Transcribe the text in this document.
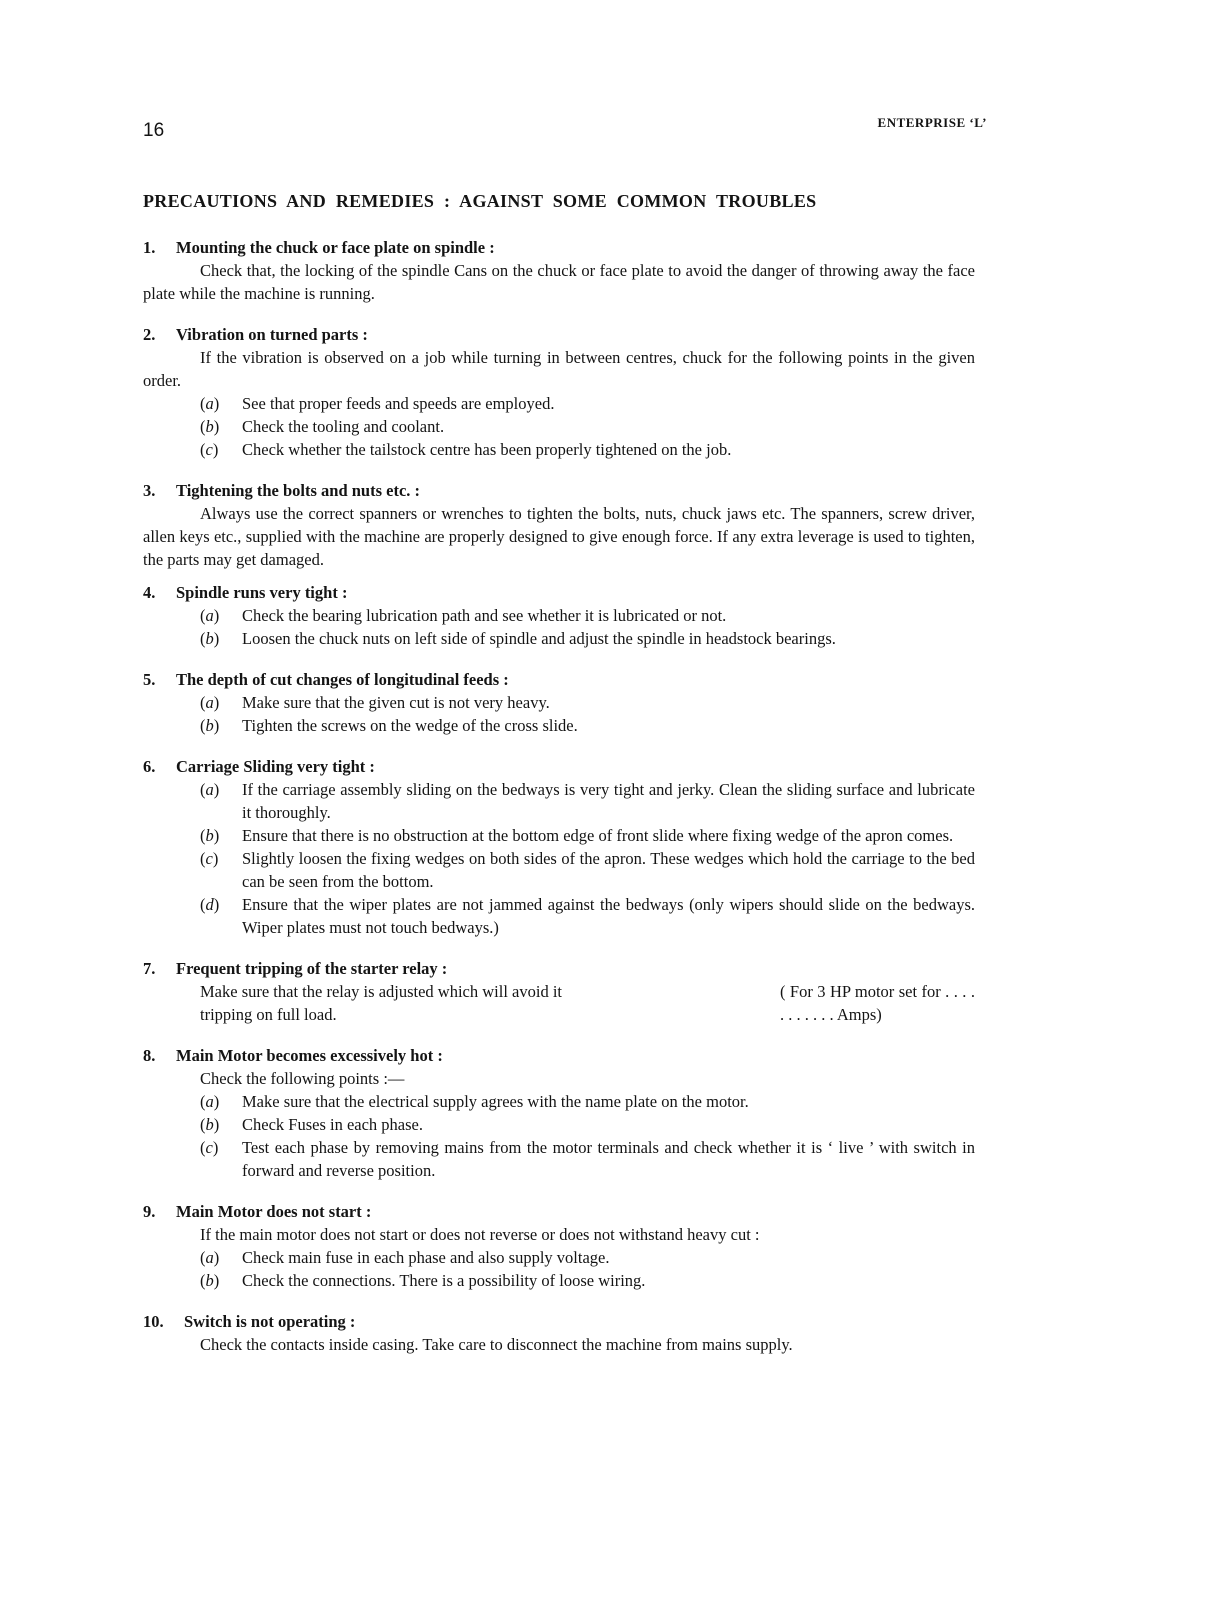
16	ENTERPRISE ‘L’
PRECAUTIONS AND REMEDIES : AGAINST SOME COMMON TROUBLES
1.	Mounting the chuck or face plate on spindle :
Check that, the locking of the spindle Cans on the chuck or face plate to avoid the danger of throwing away the face plate while the machine is running.
2.	Vibration on turned parts :
If the vibration is observed on a job while turning in between centres, chuck for the following points in the given order.
(a)	See that proper feeds and speeds are employed.
(b)	Check the tooling and coolant.
(c)	Check whether the tailstock centre has been properly tightened on the job.
3.	Tightening the bolts and nuts etc. :
Always use the correct spanners or wrenches to tighten the bolts, nuts, chuck jaws etc. The spanners, screw driver, allen keys etc., supplied with the machine are properly designed to give enough force. If any extra leverage is used to tighten, the parts may get damaged.
4.	Spindle runs very tight :
(a)	Check the bearing lubrication path and see whether it is lubricated or not.
(b)	Loosen the chuck nuts on left side of spindle and adjust the spindle in headstock bearings.
5.	The depth of cut changes of longitudinal feeds :
(a)	Make sure that the given cut is not very heavy.
(b)	Tighten the screws on the wedge of the cross slide.
6.	Carriage Sliding very tight :
(a)	If the carriage assembly sliding on the bedways is very tight and jerky. Clean the sliding surface and lubricate it thoroughly.
(b)	Ensure that there is no obstruction at the bottom edge of front slide where fixing wedge of the apron comes.
(c)	Slightly loosen the fixing wedges on both sides of the apron. These wedges which hold the carriage to the bed can be seen from the bottom.
(d)	Ensure that the wiper plates are not jammed against the bedways (only wipers should slide on the bedways. Wiper plates must not touch bedways.)
7.	Frequent tripping of the starter relay :
Make sure that the relay is adjusted which will avoid it tripping on full load.
( For 3 HP motor set for . . . . . . . . . . . Amps)
8.	Main Motor becomes excessively hot :
Check the following points :—
(a)	Make sure that the electrical supply agrees with the name plate on the motor.
(b)	Check Fuses in each phase.
(c)	Test each phase by removing mains from the motor terminals and check whether it is ‘ live ’ with switch in forward and reverse position.
9.	Main Motor does not start :
If the main motor does not start or does not reverse or does not withstand heavy cut :
(a)	Check main fuse in each phase and also supply voltage.
(b)	Check the connections. There is a possibility of loose wiring.
10.	Switch is not operating :
Check the contacts inside casing. Take care to disconnect the machine from mains supply.
